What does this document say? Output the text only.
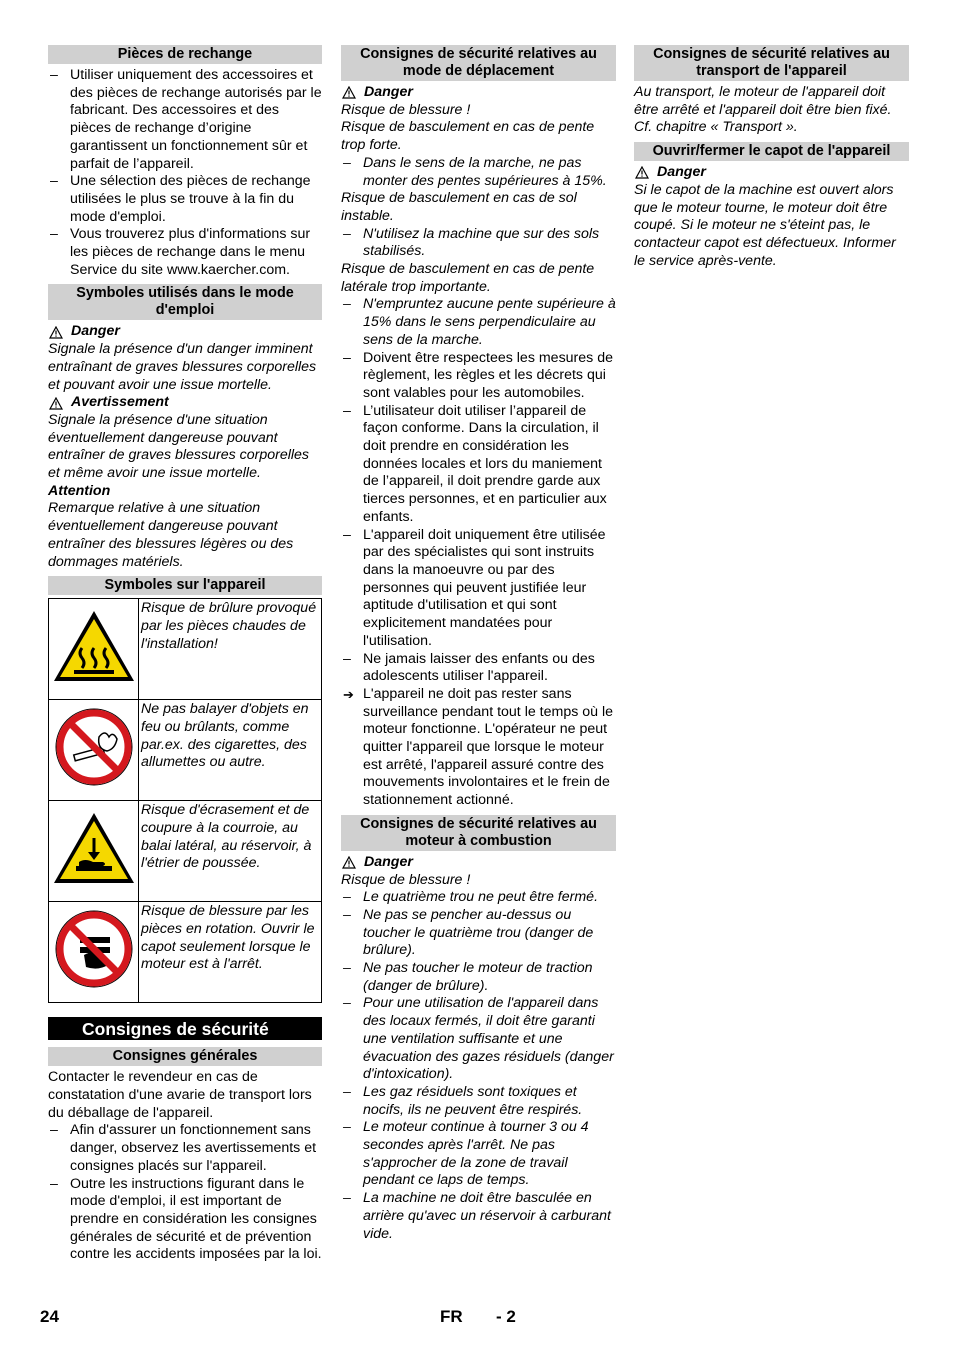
Pièces de rechange
– Utiliser uniquement des accessoires et des pièces de rechange autorisés par le fabricant. Des accessoires et des pièces de rechange d’origine garantissent un fonctionnement sûr et parfait de l’appareil.
– Une sélection des pièces de rechange utilisées le plus se trouve à la fin du mode d'emploi.
– Vous trouverez plus d'informations sur les pièces de rechange dans le menu Service du site www.kaercher.com.
Symboles utilisés dans le mode d'emploi
Danger
Signale la présence d'un danger imminent entraînant de graves blessures corporelles et pouvant avoir une issue mortelle.
Avertissement
Signale la présence d'une situation éventuellement dangereuse pouvant entraîner de graves blessures corporelles et même avoir une issue mortelle.
Attention
Remarque relative à une situation éventuellement dangereuse pouvant entraîner des blessures légères ou des dommages matériels.
Symboles sur l'appareil
	Risque de brûlure provoqué par les pièces chaudes de l'installation!
	Ne pas balayer d'objets en feu ou brûlants, comme par.ex. des cigarettes, des allumettes ou autre.
	Risque d'écrasement et de coupure à la courroie, au balai latéral, au réservoir, à l'étrier de poussée.
	Risque de blessure par les pièces en rotation. Ouvrir le capot seulement lorsque le moteur est à l'arrêt.
Consignes de sécurité
Consignes générales
Contacter le revendeur en cas de constatation d'une avarie de transport lors du déballage de l'appareil.
– Afin d'assurer un fonctionnement sans danger, observez les avertissements et consignes placés sur l'appareil.
– Outre les instructions figurant dans le mode d'emploi, il est important de prendre en considération les consignes générales de sécurité et de prévention contre les accidents imposées par la loi.
Consignes de sécurité relatives au mode de déplacement
Danger
Risque de blessure !
Risque de basculement en cas de pente trop forte.
– Dans le sens de la marche, ne pas monter des pentes supérieures à 15%.
Risque de basculement en cas de sol instable.
– N'utilisez la machine que sur des sols stabilisés.
Risque de basculement en cas de pente latérale trop importante.
– N'empruntez aucune pente supérieure à 15% dans le sens perpendiculaire au sens de la marche.
– Doivent être respectees les mesures de règlement, les règles et les décrets qui sont valables pour les automobiles.
– L’utilisateur doit utiliser l’appareil de façon conforme. Dans la circulation, il doit prendre en considération les données locales et lors du maniement de l’appareil, il doit prendre garde aux tierces personnes, et en particulier aux enfants.
– L'appareil doit uniquement être utilisée par des spécialistes qui sont instruits dans la manoeuvre ou par des personnes qui peuvent justifiée leur aptitude d'utilisation et qui sont explicitement mandatées pour l'utilisation.
– Ne jamais laisser des enfants ou des adolescents utiliser l'appareil.
➔ L'appareil ne doit pas rester sans surveillance pendant tout le temps où le moteur fonctionne. L'opérateur ne peut quitter l'appareil que lorsque le moteur est arrêté, l'appareil assuré contre des mouvements involontaires et le frein de stationnement actionné.
Consignes de sécurité relatives au moteur à combustion
Danger
Risque de blessure !
– Le quatrième trou ne peut être fermé.
– Ne pas se pencher au-dessus ou toucher le quatrième trou (danger de brûlure).
– Ne pas toucher le moteur de traction (danger de brûlure).
– Pour une utilisation de l'appareil dans des locaux fermés, il doit être garanti une ventilation suffisante et une évacuation des gazes résiduels (danger d'intoxication).
– Les gaz résiduels sont toxiques et nocifs, ils ne peuvent être respirés.
– Le moteur continue à tourner 3 ou 4 secondes après l'arrêt. Ne pas s'approcher de la zone de travail pendant ce laps de temps.
– La machine ne doit être basculée en arrière qu'avec un réservoir à carburant vide.
Consignes de sécurité relatives au transport de l'appareil
Au transport, le moteur de l'appareil doit être arrêté et l'appareil doit être bien fixé. Cf. chapitre « Transport ».
Ouvrir/fermer le capot de l'appareil
Danger
Si le capot de la machine est ouvert alors que le moteur tourne, le moteur doit être coupé. Si le moteur ne s'éteint pas, le contacteur capot est défectueux. Informer le service après-vente.
24	FR - 2
